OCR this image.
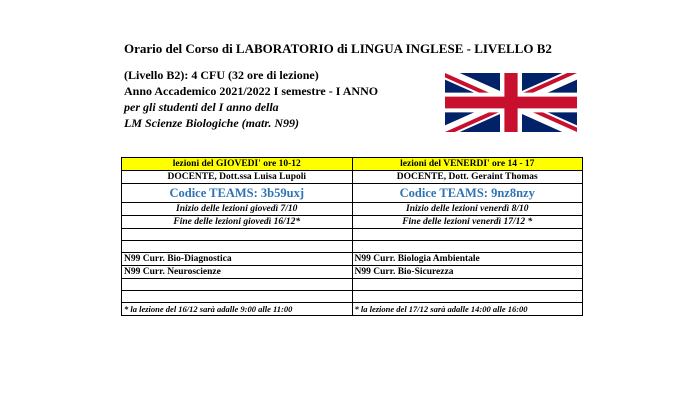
Orario del Corso di LABORATORIO di LINGUA INGLESE - LIVELLO B2
(Livello B2): 4 CFU (32 ore di lezione)
Anno Accademico 2021/2022 I semestre - I ANNO
per gli studenti del I anno della
LM Scienze Biologiche (matr. N99)
lezioni del GIOVEDI' ore 10-12	lezioni del VENERDI' ore 14 - 17
DOCENTE, Dott.ssa Luisa Lupoli	DOCENTE, Dott. Geraint Thomas
Codice TEAMS: 3b59uxj	Codice TEAMS: 9nz8nzy
Inizio delle lezioni giovedì 7/10	Inizio delle lezioni venerdì 8/10
Fine delle lezioni giovedì 16/12*	Fine delle lezioni venerdì 17/12 *

N99 Curr. Bio-Diagnostica	N99 Curr. Biologia Ambientale
N99 Curr. Neuroscienze	N99 Curr. Bio-Sicurezza

* la lezione del 16/12 sarà adalle 9:00 alle 11:00	* la lezione del 17/12 sarà adalle 14:00 alle 16:00
